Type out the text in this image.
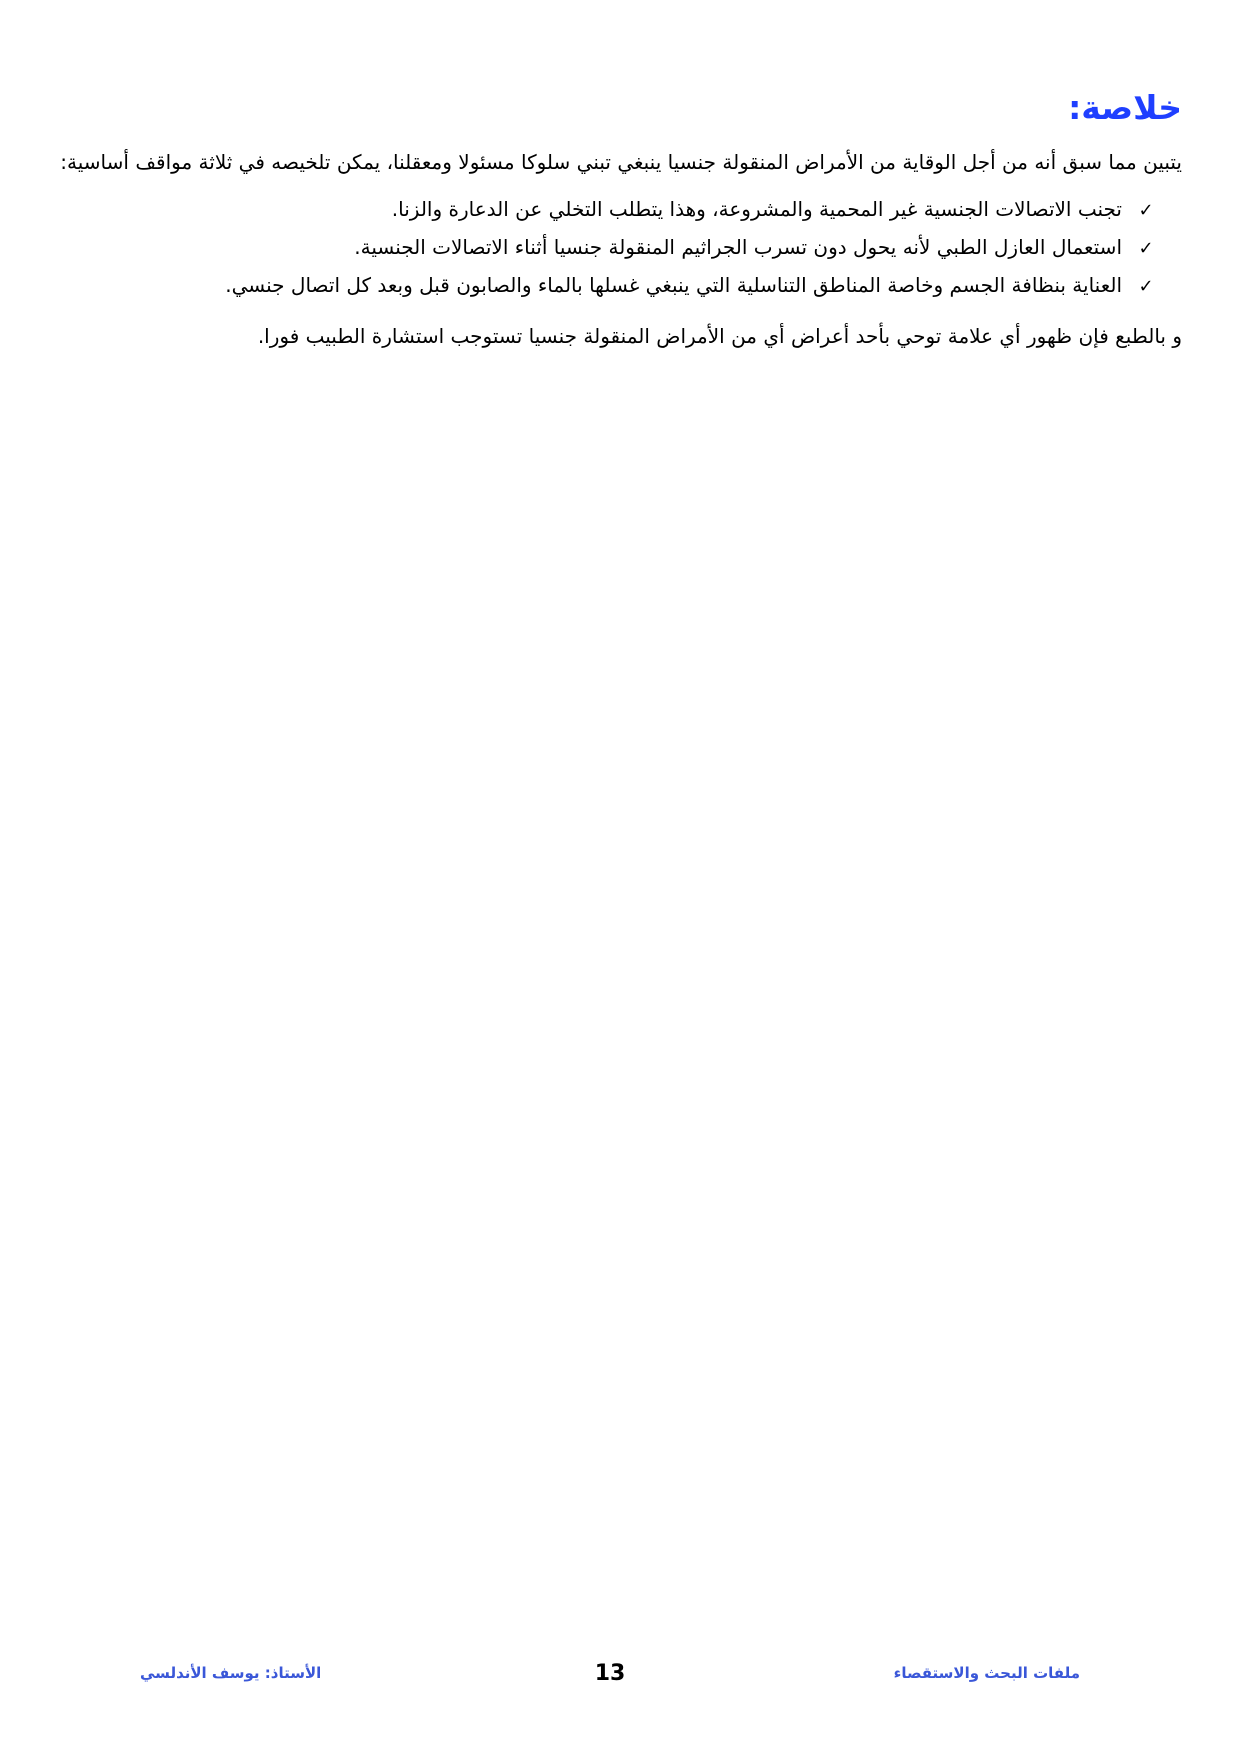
خلاصة:

يتبين مما سبق أنه من أجل الوقاية من الأمراض المنقولة جنسيا ينبغي تبني سلوكا مسئولا ومعقلنا، يمكن تلخيصه في ثلاثة مواقف أساسية:

✓
تجنب الاتصالات الجنسية غير المحمية والمشروعة، وهذا يتطلب التخلي عن الدعارة والزنا.
✓
استعمال العازل الطبي لأنه يحول دون تسرب الجراثيم المنقولة جنسيا أثناء الاتصالات الجنسية.
✓
العناية بنظافة الجسم وخاصة المناطق التناسلية التي ينبغي غسلها بالماء والصابون قبل وبعد كل اتصال جنسي.

و بالطبع فإن ظهور أي علامة توحي بأحد أعراض أي من الأمراض المنقولة جنسيا تستوجب استشارة الطبيب فورا.

الأستاذ: يوسف الأندلسي	13	ملفات البحث والاستقصاء
